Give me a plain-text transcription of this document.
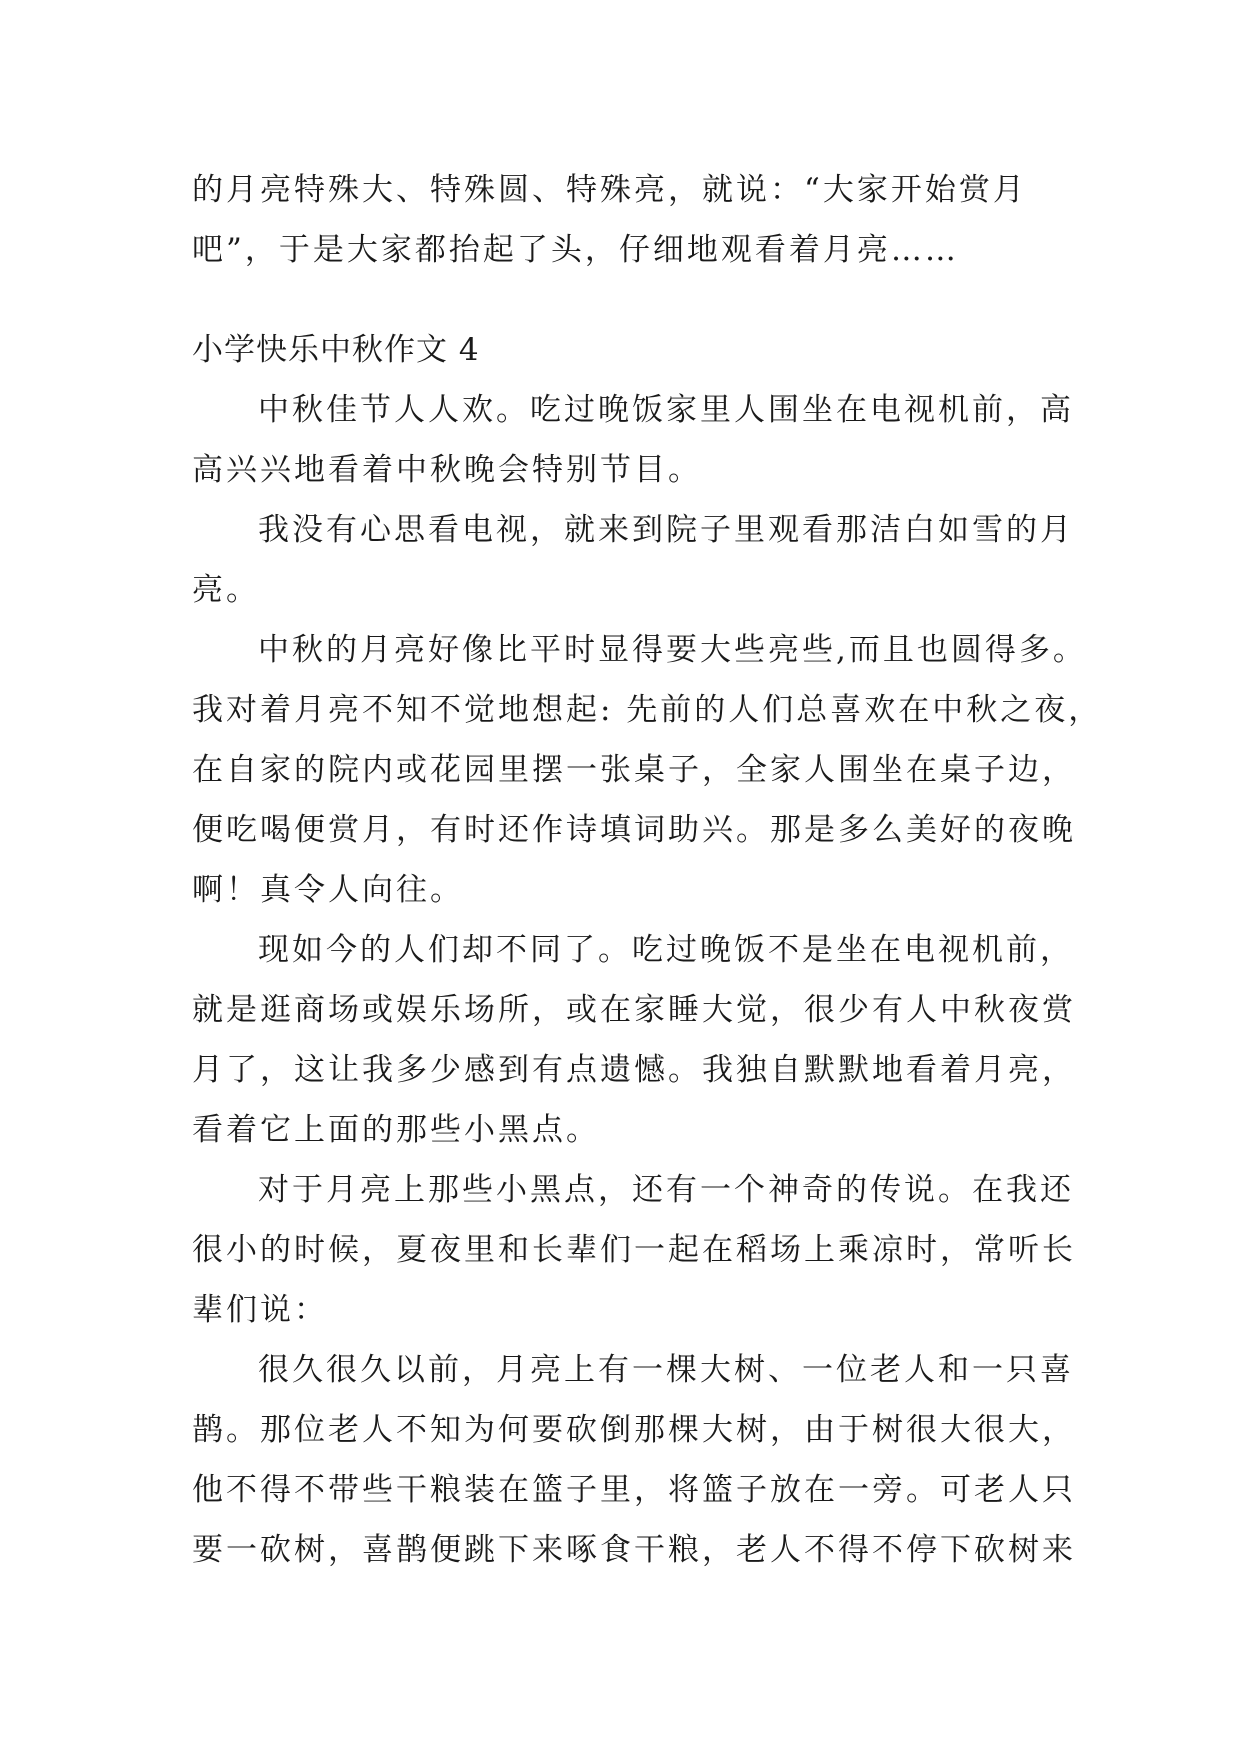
的月亮特殊大、特殊圆、特殊亮，就说：“大家开始赏月
吧”，于是大家都抬起了头，仔细地观看着月亮……
小学快乐中秋作文 4
中秋佳节人人欢。吃过晚饭家里人围坐在电视机前，高
高兴兴地看着中秋晚会特别节目。
我没有心思看电视，就来到院子里观看那洁白如雪的月
亮。
中秋的月亮好像比平时显得要大些亮些,而且也圆得多。
我对着月亮不知不觉地想起: 先前的人们总喜欢在中秋之夜，
在自家的院内或花园里摆一张桌子，全家人围坐在桌子边，
便吃喝便赏月，有时还作诗填词助兴。那是多么美好的夜晚
啊！真令人向往。
现如今的人们却不同了。吃过晚饭不是坐在电视机前，
就是逛商场或娱乐场所，或在家睡大觉，很少有人中秋夜赏
月了，这让我多少感到有点遗憾。我独自默默地看着月亮，
看着它上面的那些小黑点。
对于月亮上那些小黑点，还有一个神奇的传说。在我还
很小的时候，夏夜里和长辈们一起在稻场上乘凉时，常听长
辈们说：
很久很久以前，月亮上有一棵大树、一位老人和一只喜
鹊。那位老人不知为何要砍倒那棵大树，由于树很大很大，
他不得不带些干粮装在篮子里，将篮子放在一旁。可老人只
要一砍树，喜鹊便跳下来啄食干粮，老人不得不停下砍树来
